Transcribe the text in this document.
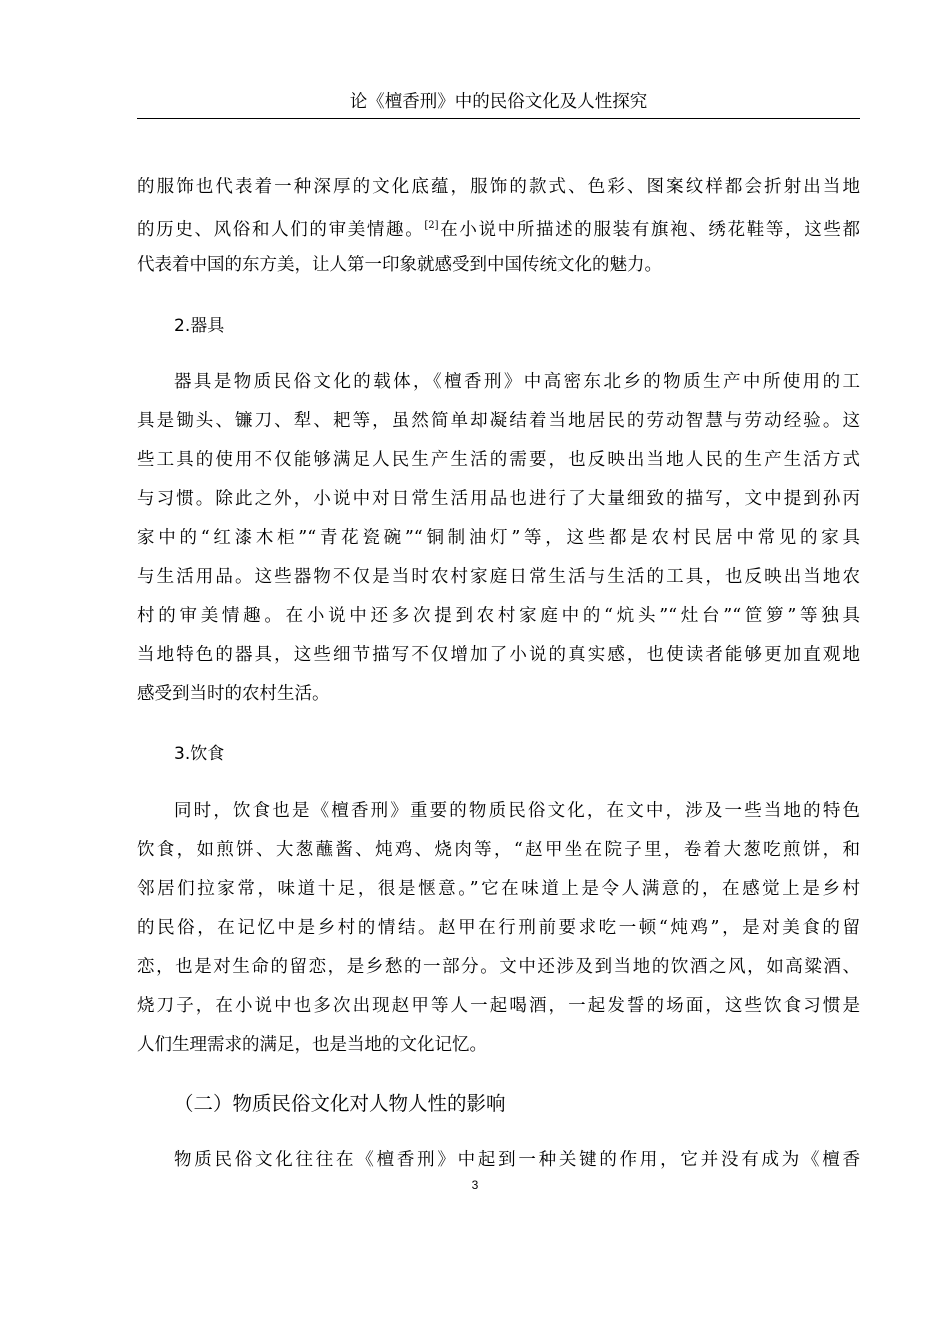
论《檀香刑》中的民俗文化及人性探究
的服饰也代表着一种深厚的文化底蕴，服饰的款式、色彩、图案纹样都会折射出当地
的历史、风俗和人们的审美情趣。[2]在小说中所描述的服装有旗袍、绣花鞋等，这些都
代表着中国的东方美，让人第一印象就感受到中国传统文化的魅力。
2.器具
器具是物质民俗文化的载体，《檀香刑》中高密东北乡的物质生产中所使用的工
具是锄头、镰刀、犁、耙等，虽然简单却凝结着当地居民的劳动智慧与劳动经验。这
些工具的使用不仅能够满足人民生产生活的需要，也反映出当地人民的生产生活方式
与习惯。除此之外，小说中对日常生活用品也进行了大量细致的描写，文中提到孙丙
家中的“红漆木柜”“青花瓷碗”“铜制油灯”等，这些都是农村民居中常见的家具
与生活用品。这些器物不仅是当时农村家庭日常生活与生活的工具，也反映出当地农
村的审美情趣。在小说中还多次提到农村家庭中的“炕头”“灶台”“笸箩”等独具
当地特色的器具，这些细节描写不仅增加了小说的真实感，也使读者能够更加直观地
感受到当时的农村生活。
3.饮食
同时，饮食也是《檀香刑》重要的物质民俗文化，在文中，涉及一些当地的特色
饮食，如煎饼、大葱蘸酱、炖鸡、烧肉等，“赵甲坐在院子里，卷着大葱吃煎饼，和
邻居们拉家常，味道十足，很是惬意。”它在味道上是令人满意的，在感觉上是乡村
的民俗，在记忆中是乡村的情结。赵甲在行刑前要求吃一顿“炖鸡”，是对美食的留
恋，也是对生命的留恋，是乡愁的一部分。文中还涉及到当地的饮酒之风，如高粱酒、
烧刀子，在小说中也多次出现赵甲等人一起喝酒，一起发誓的场面，这些饮食习惯是
人们生理需求的满足，也是当地的文化记忆。
（二）物质民俗文化对人物人性的影响
物质民俗文化往往在《檀香刑》中起到一种关键的作用，它并没有成为《檀香
3
